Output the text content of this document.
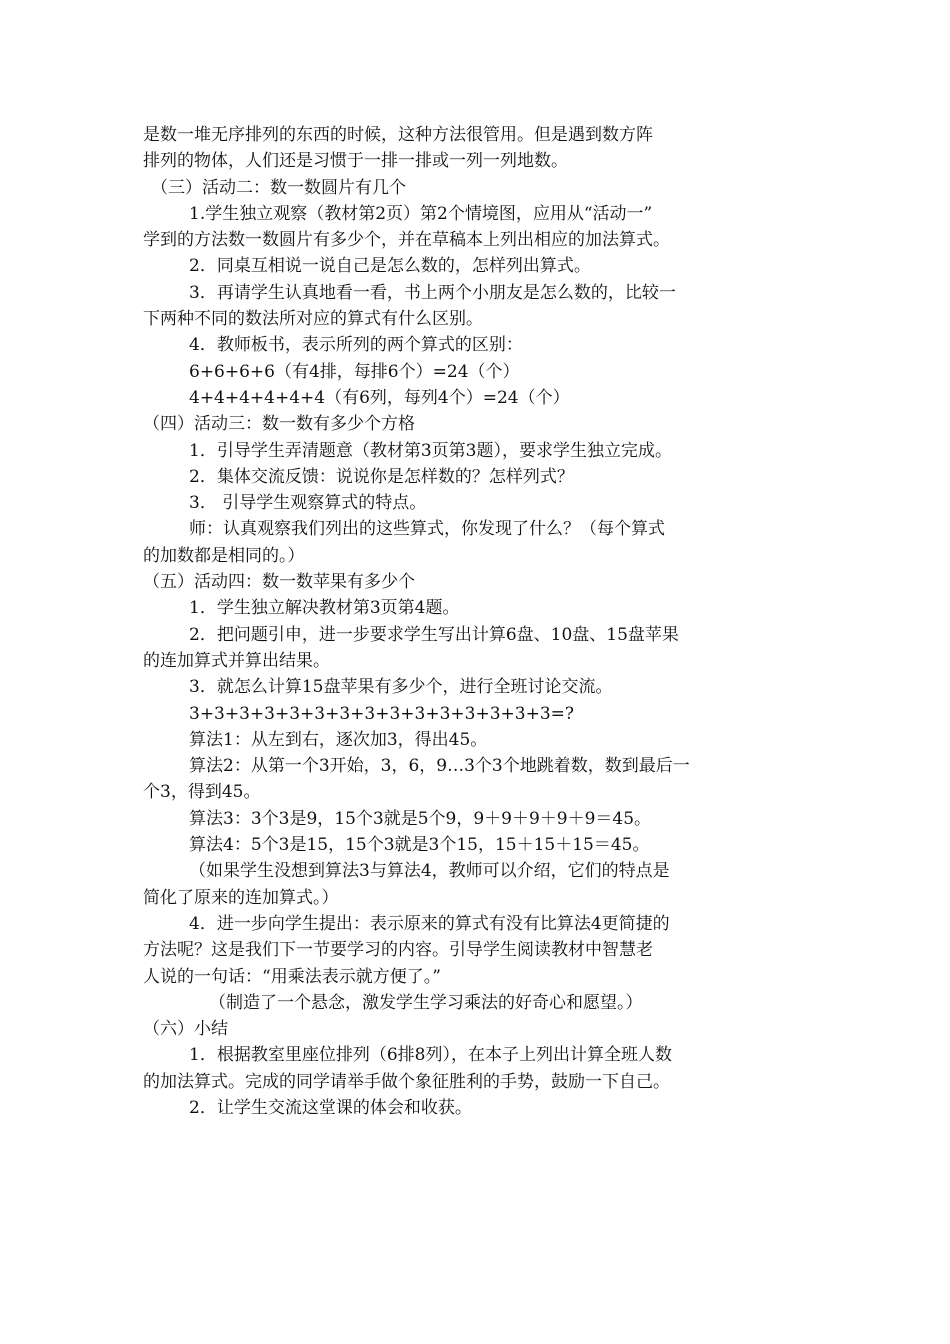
是数一堆无序排列的东西的时候，这种方法很管用。但是遇到数方阵
排列的物体，人们还是习惯于一排一排或一列一列地数。
（三）活动二：数一数圆片有几个
1.学生独立观察（教材第2页）第2个情境图，应用从“活动一”
学到的方法数一数圆片有多少个，并在草稿本上列出相应的加法算式。
2．同桌互相说一说自己是怎么数的，怎样列出算式。
3．再请学生认真地看一看，书上两个小朋友是怎么数的，比较一
下两种不同的数法所对应的算式有什么区别。
4．教师板书，表示所列的两个算式的区别：
6+6+6+6（有4排，每排6个）=24（个）
4+4+4+4+4+4（有6列，每列4个）=24（个）
（四）活动三：数一数有多少个方格
1．引导学生弄清题意（教材第3页第3题），要求学生独立完成。
2．集体交流反馈：说说你是怎样数的？怎样列式？
3． 引导学生观察算式的特点。
师：认真观察我们列出的这些算式，你发现了什么？（每个算式
的加数都是相同的。）
（五）活动四：数一数苹果有多少个
1．学生独立解决教材第3页第4题。
2．把问题引申，进一步要求学生写出计算6盘、10盘、15盘苹果
的连加算式并算出结果。
3．就怎么计算15盘苹果有多少个，进行全班讨论交流。
3+3+3+3+3+3+3+3+3+3+3+3+3+3+3=?
算法1：从左到右，逐次加3，得出45。
算法2：从第一个3开始，3，6，9…3个3个地跳着数，数到最后一
个3，得到45。
算法3：3个3是9，15个3就是5个9，9＋9＋9＋9＋9＝45。
算法4：5个3是15，15个3就是3个15，15＋15＋15＝45。
（如果学生没想到算法3与算法4，教师可以介绍，它们的特点是
简化了原来的连加算式。）
4．进一步向学生提出：表示原来的算式有没有比算法4更简捷的
方法呢？这是我们下一节要学习的内容。引导学生阅读教材中智慧老
人说的一句话：“用乘法表示就方便了。”
（制造了一个悬念，激发学生学习乘法的好奇心和愿望。）
（六）小结
1．根据教室里座位排列（6排8列），在本子上列出计算全班人数
的加法算式。完成的同学请举手做个象征胜利的手势，鼓励一下自己。
2．让学生交流这堂课的体会和收获。
